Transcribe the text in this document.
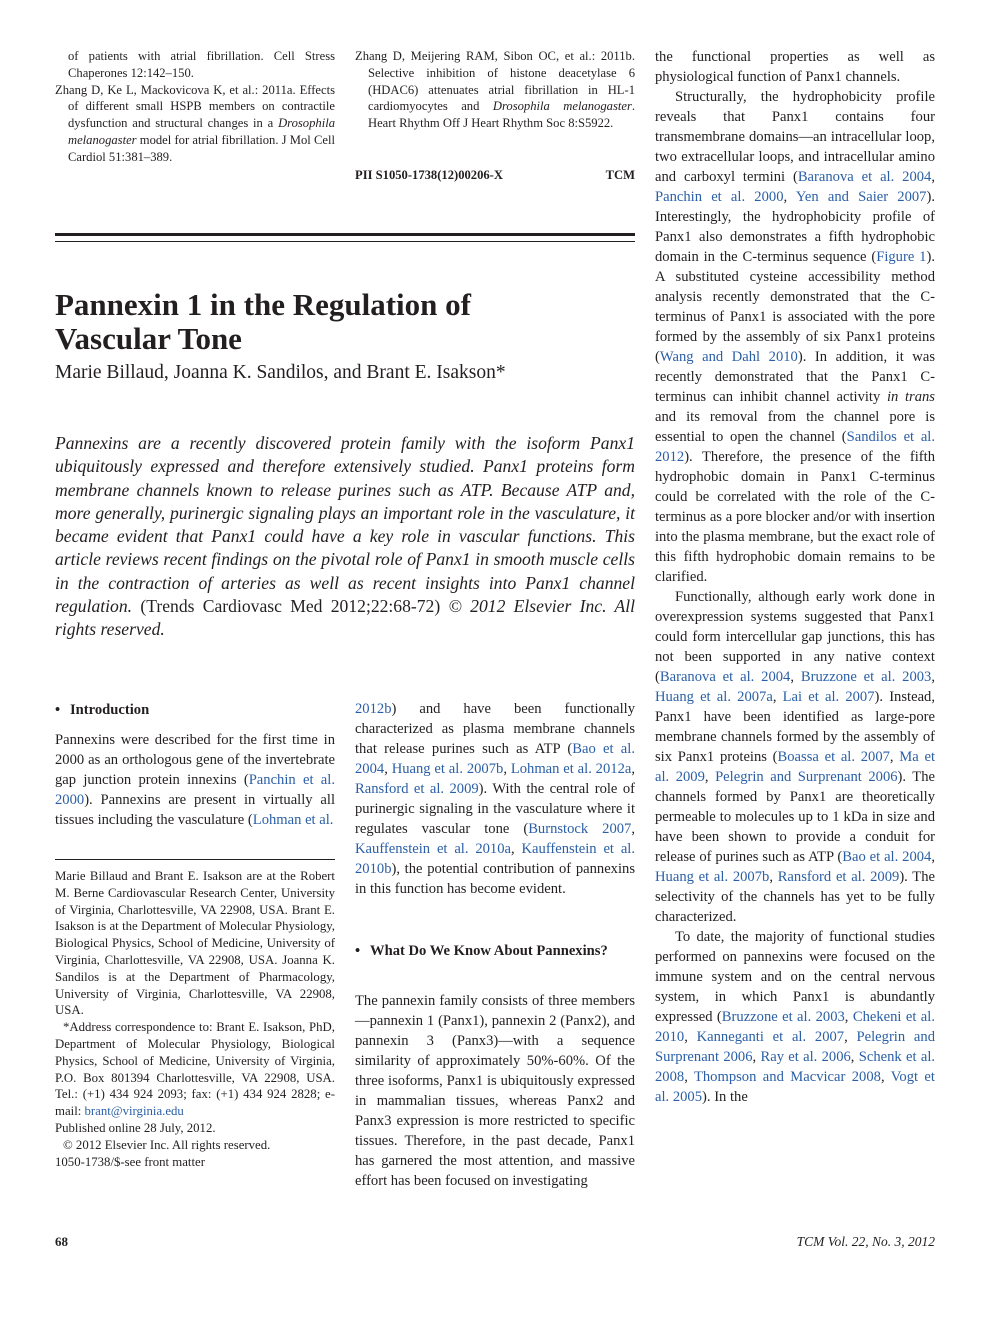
of patients with atrial fibrillation. Cell Stress Chaperones 12:142–150.

Zhang D, Ke L, Mackovicova K, et al.: 2011a. Effects of different small HSPB members on contractile dysfunction and structural changes in a Drosophila melanogaster model for atrial fibrillation. J Mol Cell Cardiol 51:381–389.

Zhang D, Meijering RAM, Sibon OC, et al.: 2011b. Selective inhibition of histone deacetylase 6 (HDAC6) attenuates atrial fibrillation in HL-1 cardiomyocytes and Drosophila melanogaster. Heart Rhythm Off J Heart Rhythm Soc 8:S5922.

PII S1050-1738(12)00206-X	TCM
Pannexin 1 in the Regulation of Vascular Tone
Marie Billaud, Joanna K. Sandilos, and Brant E. Isakson*
Pannexins are a recently discovered protein family with the isoform Panx1 ubiquitously expressed and therefore extensively studied. Panx1 proteins form membrane channels known to release purines such as ATP. Because ATP and, more generally, purinergic signaling plays an important role in the vasculature, it became evident that Panx1 could have a key role in vascular functions. This article reviews recent findings on the pivotal role of Panx1 in smooth muscle cells in the contraction of arteries as well as recent insights into Panx1 channel regulation. (Trends Cardiovasc Med 2012;22:68-72) © 2012 Elsevier Inc. All rights reserved.
• Introduction

Pannexins were described for the first time in 2000 as an orthologous gene of the invertebrate gap junction protein innexins (Panchin et al. 2000). Pannexins are present in virtually all tissues including the vasculature (Lohman et al.

Marie Billaud and Brant E. Isakson are at the Robert M. Berne Cardiovascular Research Center, University of Virginia, Charlottesville, VA 22908, USA. Brant E. Isakson is at the Department of Molecular Physiology, Biological Physics, School of Medicine, University of Virginia, Charlottesville, VA 22908, USA. Joanna K. Sandilos is at the Department of Pharmacology, University of Virginia, Charlottesville, VA 22908, USA.

*Address correspondence to: Brant E. Isakson, PhD, Department of Molecular Physiology, Biological Physics, School of Medicine, University of Virginia, P.O. Box 801394 Charlottesville, VA 22908, USA. Tel.: (+1) 434 924 2093; fax: (+1) 434 924 2828; e-mail: brant@virginia.edu

Published online 28 July, 2012.

© 2012 Elsevier Inc. All rights reserved.

1050-1738/$-see front matter

2012b) and have been functionally characterized as plasma membrane channels that release purines such as ATP (Bao et al. 2004, Huang et al. 2007b, Lohman et al. 2012a, Ransford et al. 2009). With the central role of purinergic signaling in the vasculature where it regulates vascular tone (Burnstock 2007, Kauffenstein et al. 2010a, Kauffenstein et al. 2010b), the potential contribution of pannexins in this function has become evident.

• What Do We Know About Pannexins?

The pannexin family consists of three members—pannexin 1 (Panx1), pannexin 2 (Panx2), and pannexin 3 (Panx3)—with a sequence similarity of approximately 50%-60%. Of the three isoforms, Panx1 is ubiquitously expressed in mammalian tissues, whereas Panx2 and Panx3 expression is more restricted to specific tissues. Therefore, in the past decade, Panx1 has garnered the most attention, and massive effort has been focused on investigating

the functional properties as well as physiological function of Panx1 channels.

Structurally, the hydrophobicity profile reveals that Panx1 contains four transmembrane domains—an intracellular loop, two extracellular loops, and intracellular amino and carboxyl termini (Baranova et al. 2004, Panchin et al. 2000, Yen and Saier 2007). Interestingly, the hydrophobicity profile of Panx1 also demonstrates a fifth hydrophobic domain in the C-terminus sequence (Figure 1). A substituted cysteine accessibility method analysis recently demonstrated that the C-terminus of Panx1 is associated with the pore formed by the assembly of six Panx1 proteins (Wang and Dahl 2010). In addition, it was recently demonstrated that the Panx1 C-terminus can inhibit channel activity in trans and its removal from the channel pore is essential to open the channel (Sandilos et al. 2012). Therefore, the presence of the fifth hydrophobic domain in Panx1 C-terminus could be correlated with the role of the C-terminus as a pore blocker and/or with insertion into the plasma membrane, but the exact role of this fifth hydrophobic domain remains to be clarified.

Functionally, although early work done in overexpression systems suggested that Panx1 could form intercellular gap junctions, this has not been supported in any native context (Baranova et al. 2004, Bruzzone et al. 2003, Huang et al. 2007a, Lai et al. 2007). Instead, Panx1 have been identified as large-pore membrane channels formed by the assembly of six Panx1 proteins (Boassa et al. 2007, Ma et al. 2009, Pelegrin and Surprenant 2006). The channels formed by Panx1 are theoretically permeable to molecules up to 1 kDa in size and have been shown to provide a conduit for release of purines such as ATP (Bao et al. 2004, Huang et al. 2007b, Ransford et al. 2009). The selectivity of the channels has yet to be fully characterized.

To date, the majority of functional studies performed on pannexins were focused on the immune system and on the central nervous system, in which Panx1 is abundantly expressed (Bruzzone et al. 2003, Chekeni et al. 2010, Kanneganti et al. 2007, Pelegrin and Surprenant 2006, Ray et al. 2006, Schenk et al. 2008, Thompson and Macvicar 2008, Vogt et al. 2005). In the

68	TCM Vol. 22, No. 3, 2012
